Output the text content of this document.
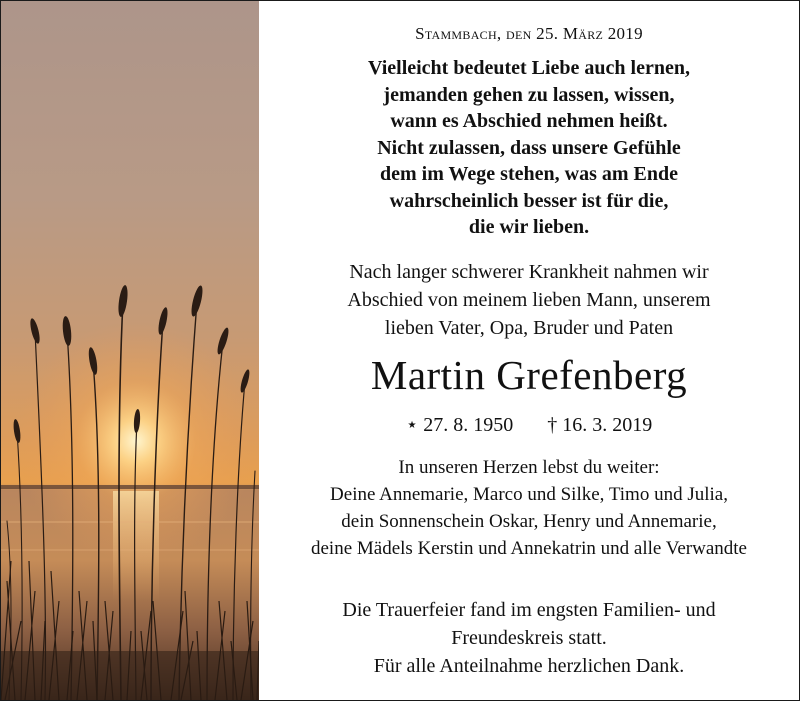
Stammbach, den 25. März 2019
Vielleicht bedeutet Liebe auch lernen,
jemanden gehen zu lassen, wissen,
wann es Abschied nehmen heißt.
Nicht zulassen, dass unsere Gefühle
dem im Wege stehen, was am Ende
wahrscheinlich besser ist für die,
die wir lieben.
Nach langer schwerer Krankheit nahmen wir
Abschied von meinem lieben Mann, unserem
lieben Vater, Opa, Bruder und Paten
Martin Grefenberg
⋆ 27. 8. 1950 † 16. 3. 2019
In unseren Herzen lebst du weiter:
Deine Annemarie, Marco und Silke, Timo und Julia,
dein Sonnenschein Oskar, Henry und Annemarie,
deine Mädels Kerstin und Annekatrin und alle Verwandte
Die Trauerfeier fand im engsten Familien- und
Freundeskreis statt.
Für alle Anteilnahme herzlichen Dank.
